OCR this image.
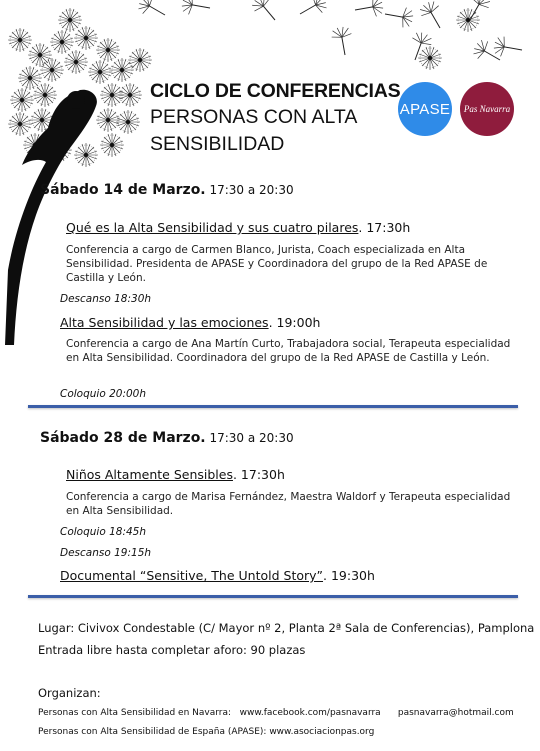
CICLO DE CONFERENCIAS
PERSONAS CON ALTA
SENSIBILIDAD
APASE Pas Navarra
Sábado 14 de Marzo. 17:30 a 20:30
Qué es la Alta Sensibilidad y sus cuatro pilares. 17:30h
Conferencia a cargo de Carmen Blanco, Jurista, Coach especializada en Alta Sensibilidad. Presidenta de APASE y Coordinadora del grupo de la Red APASE de Castilla y León.
Descanso 18:30h
Alta Sensibilidad y las emociones. 19:00h
Conferencia a cargo de Ana Martín Curto, Trabajadora social, Terapeuta especialidad en Alta Sensibilidad. Coordinadora del grupo de la Red APASE de Castilla y León.
Coloquio 20:00h
Sábado 28 de Marzo. 17:30 a 20:30
Niños Altamente Sensibles. 17:30h
Conferencia a cargo de Marisa Fernández, Maestra Waldorf y Terapeuta especialidad en Alta Sensibilidad.
Coloquio 18:45h
Descanso 19:15h
Documental “Sensitive, The Untold Story”. 19:30h
Lugar: Civivox Condestable (C/ Mayor nº 2, Planta 2ª Sala de Conferencias), Pamplona
Entrada libre hasta completar aforo: 90 plazas
Organizan:
Personas con Alta Sensibilidad en Navarra: www.facebook.com/pasnavarra pasnavarra@hotmail.com
Personas con Alta Sensibilidad de España (APASE): www.asociacionpas.org
